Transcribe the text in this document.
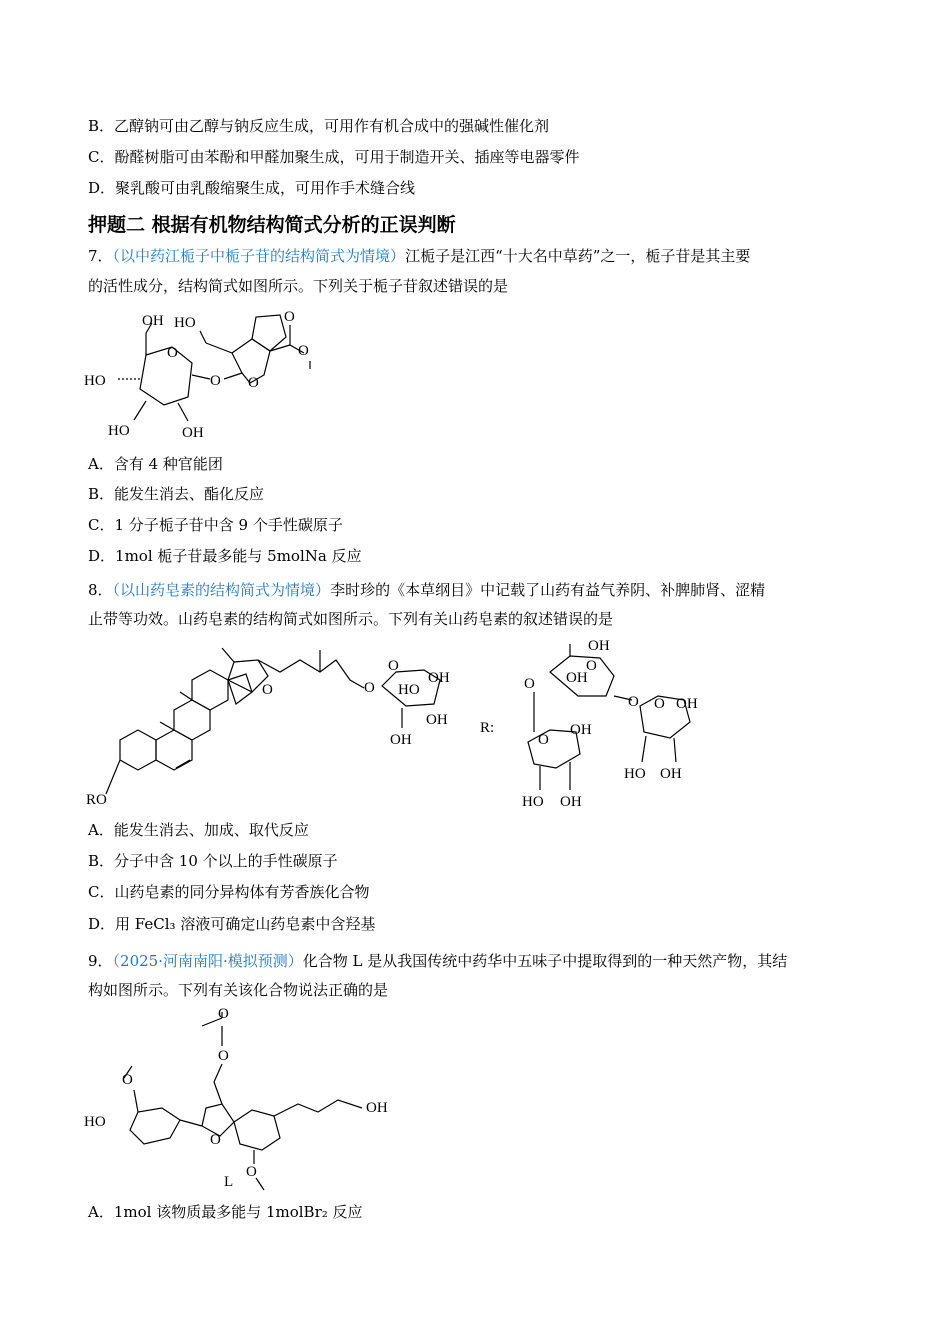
B．乙醇钠可由乙醇与钠反应生成，可用作有机合成中的强碱性催化剂
C．酚醛树脂可由苯酚和甲醛加聚生成，可用于制造开关、插座等电器零件
D．聚乳酸可由乳酸缩聚生成，可用作手术缝合线
押题二 根据有机物结构简式分析的正误判断
7．（以中药江栀子中栀子苷的结构简式为情境）江栀子是江西“十大名中草药”之一，栀子苷是其主要
的活性成分，结构简式如图所示。下列关于栀子苷叙述错误的是
OH
O
HO
HO	OH
O O
HO	O
O
A．含有 4 种官能团
B．能发生消去、酯化反应
C．1 分子栀子苷中含 9 个手性碳原子
D．1mol 栀子苷最多能与 5molNa 反应
8．（以山药皂素的结构简式为情境）李时珍的《本草纲目》中记载了山药有益气养阴、补脾肺肾、涩精
止带等功效。山药皂素的结构简式如图所示。下列有关山药皂素的叙述错误的是
O
RO
O
O
OH
HO
OH
OH
R:
OH
O
OH
O
O
O
OH
HO OH
O OH
HO OH
A．能发生消去、加成、取代反应
B．分子中含 10 个以上的手性碳原子
C．山药皂素的同分异构体有芳香族化合物
D．用 FeCl₃ 溶液可确定山药皂素中含羟基
9．（2025·河南南阳·模拟预测）化合物 L 是从我国传统中药华中五味子中提取得到的一种天然产物，其结
构如图所示。下列有关该化合物说法正确的是
O
O
O
OH
O
O
HO
L
A．1mol 该物质最多能与 1molBr₂ 反应
